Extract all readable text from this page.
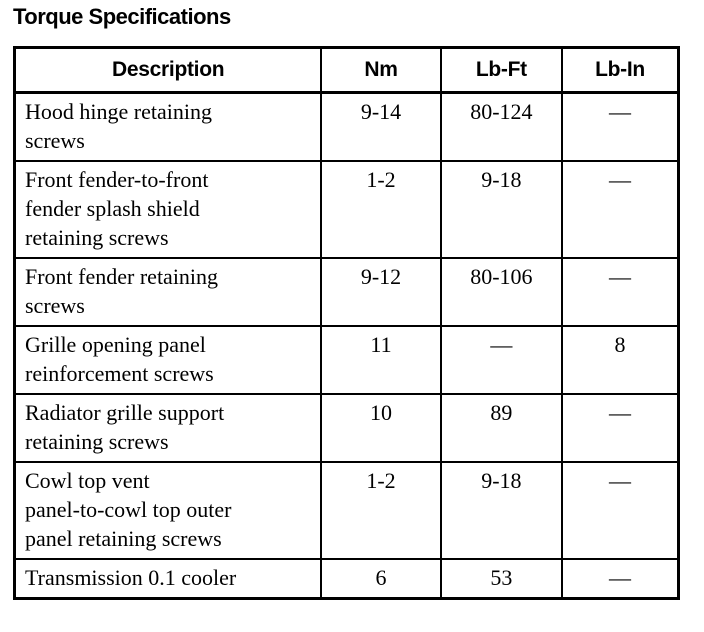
Torque Specifications
Description	Nm	Lb-Ft	Lb-In

Hood hinge retaining
screws	9-14	80-124	—

Front fender-to-front
fender splash shield
retaining screws	1-2	9-18	—

Front fender retaining
screws	9-12	80-106	—

Grille opening panel
reinforcement screws	11	—	8

Radiator grille support
retaining screws	10	89	—

Cowl top vent
panel-to-cowl top outer
panel retaining screws	1-2	9-18	—

Transmission 0.1 cooler	6	53	—
